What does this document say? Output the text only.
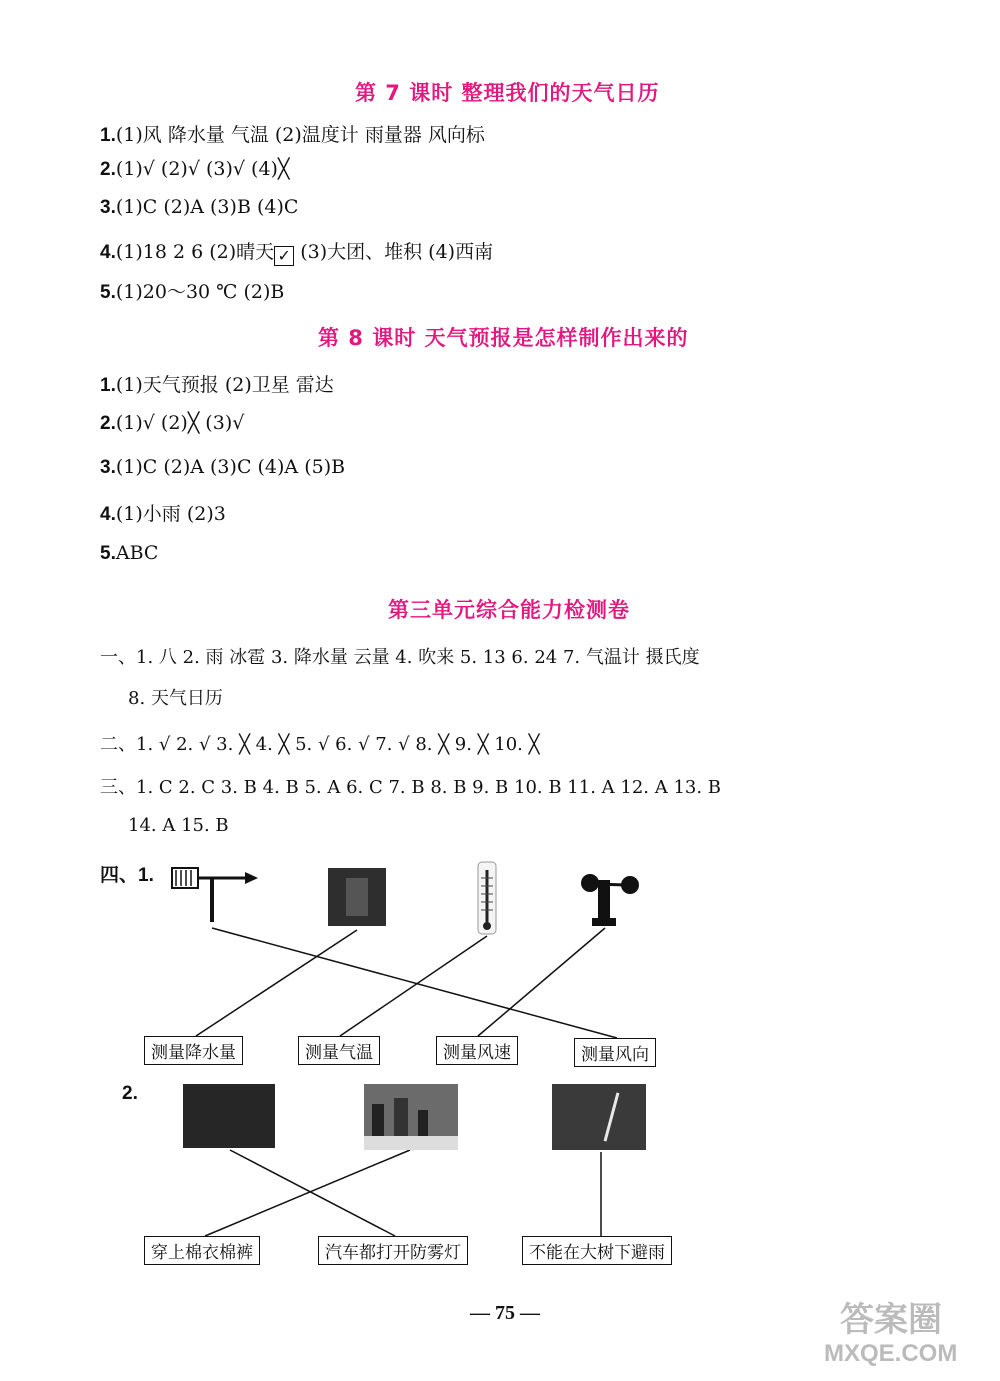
第 7 课时 整理我们的天气日历
1.(1)风 降水量 气温 (2)温度计 雨量器 风向标
2.(1)√ (2)√ (3)√ (4)╳
3.(1)C (2)A (3)B (4)C
4.(1)18 2 6 (2)晴天 ✓ (3)大团、堆积 (4)西南
5.(1)20～30 ℃ (2)B
第 8 课时 天气预报是怎样制作出来的
1.(1)天气预报 (2)卫星 雷达
2.(1)√ (2)╳ (3)√
3.(1)C (2)A (3)C (4)A (5)B
4.(1)小雨 (2)3
5.ABC
第三单元综合能力检测卷
一、1. 八 2. 雨 冰雹 3. 降水量 云量 4. 吹来 5. 13 6. 24 7. 气温计 摄氏度
8. 天气日历
二、1. √ 2. √ 3. ╳ 4. ╳ 5. √ 6. √ 7. √ 8. ╳ 9. ╳ 10. ╳
三、1. C 2. C 3. B 4. B 5. A 6. C 7. B 8. B 9. B 10. B 11. A 12. A 13. B
14. A 15. B
四、1.
测量降水量	测量气温	测量风速	测量风向
2.
穿上棉衣棉裤	汽车都打开防雾灯	不能在大树下避雨
— 75 —	答案圈
MXQE.COM
